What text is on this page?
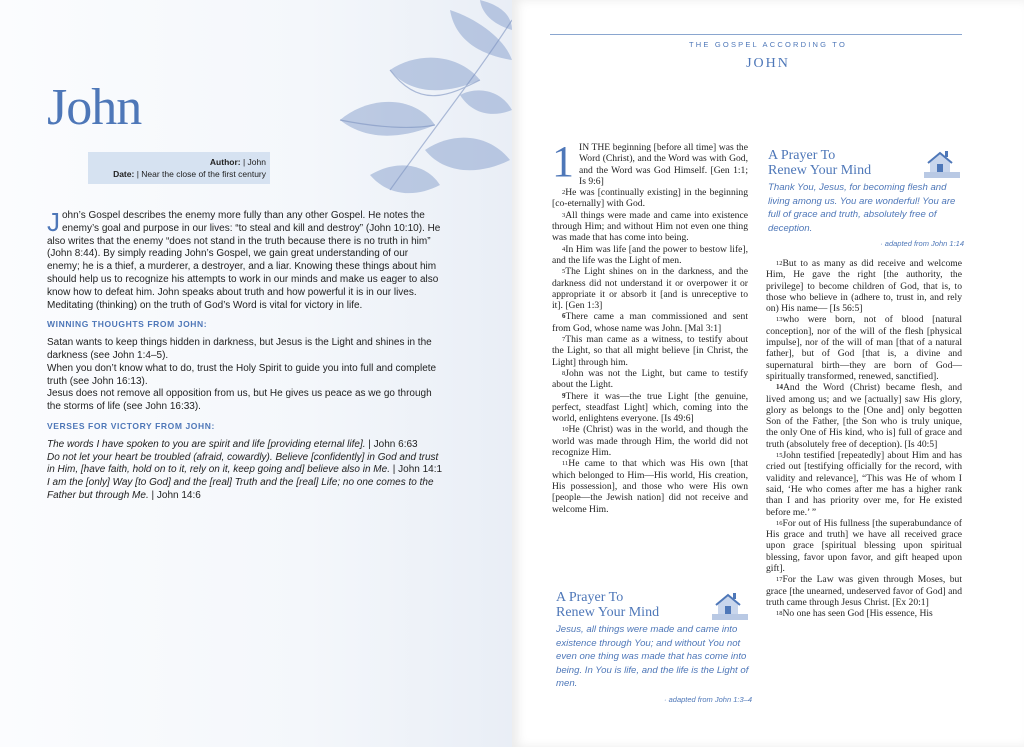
John
Author: | John
Date: | Near the close of the first century

John’s Gospel describes the enemy more fully than any other Gospel. He notes the enemy’s goal and purpose in our lives: “to steal and kill and destroy” (John 10:10). He also writes that the enemy “does not stand in the truth because there is no truth in him” (John 8:44). By simply reading John’s Gospel, we gain great understanding of our enemy; he is a thief, a murderer, a destroyer, and a liar. Knowing these things about him should help us to recognize his attempts to work in our minds and make us eager to also know how to defeat him. John speaks about truth and how powerful it is in our lives. Meditating (thinking) on the truth of God’s Word is vital for victory in life.

WINNING THOUGHTS FROM JOHN:

Satan wants to keep things hidden in darkness, but Jesus is the Light and shines in the darkness (see John 1:4–5).

When you don’t know what to do, trust the Holy Spirit to guide you into full and complete truth (see John 16:13).

Jesus does not remove all opposition from us, but He gives us peace as we go through the storms of life (see John 16:33).

VERSES FOR VICTORY FROM JOHN:

The words I have spoken to you are spirit and life [providing eternal life]. | John 6:63

Do not let your heart be troubled (afraid, cowardly). Believe [confidently] in God and trust in Him, [have faith, hold on to it, rely on it, keep going and] believe also in Me. | John 14:1

I am the [only] Way [to God] and the [real] Truth and the [real] Life; no one comes to the Father but through Me. | John 14:6

THE GOSPEL ACCORDING TO
JOHN

1 IN THE beginning [before all time] was the Word (Christ), and the Word was with God, and the Word was God Himself. [Gen 1:1; Is 9:6]

$^2$He was [continually existing] in the beginning [co-eternally] with God.

$^3$All things were made and came into existence through Him; and without Him not even one thing was made that has come into being.

$^4$In Him was life [and the power to bestow life], and the life was the Light of men.

$^5$The Light shines on in the darkness, and the darkness did not understand it or overpower it or appropriate it or absorb it [and is unreceptive to it]. [Gen 1:3]

$^6$There came a man commissioned and sent from God, whose name was John. [Mal 3:1]

$^7$This man came as a witness, to testify about the Light, so that all might believe [in Christ, the Light] through him.

$^8$John was not the Light, but came to testify about the Light.

$^9$There it was—the true Light [the genuine, perfect, steadfast Light] which, coming into the world, enlightens everyone. [Is 49:6]

$^{10}$He (Christ) was in the world, and though the world was made through Him, the world did not recognize Him.

$^{11}$He came to that which was His own [that which belonged to Him—His world, His creation, His possession], and those who were His own [people—the Jewish nation] did not receive and welcome Him.

A Prayer To
Renew Your Mind
Jesus, all things were made and came into existence through You; and without You not even one thing was made that has come into being. In You is life, and the life is the Light of men.
· adapted from John 1:3–4
A Prayer To
Renew Your Mind
Thank You, Jesus, for becoming flesh and living among us. You are wonderful! You are full of grace and truth, absolutely free of deception.
· adapted from John 1:14

$^{12}$But to as many as did receive and welcome Him, He gave the right [the authority, the privilege] to become children of God, that is, to those who believe in (adhere to, trust in, and rely on) His name— [Is 56:5]

$^{13}$who were born, not of blood [natural conception], nor of the will of the flesh [physical impulse], nor of the will of man [that of a natural father], but of God [that is, a divine and supernatural birth—they are born of God—spiritually transformed, renewed, sanctified].

$^{14}$And the Word (Christ) became flesh, and lived among us; and we [actually] saw His glory, glory as belongs to the [One and] only begotten Son of the Father, [the Son who is truly unique, the only One of His kind, who is] full of grace and truth (absolutely free of deception). [Is 40:5]

$^{15}$John testified [repeatedly] about Him and has cried out [testifying officially for the record, with validity and relevance], “This was He of whom I said, ‘He who comes after me has a higher rank than I and has priority over me, for He existed before me.’ ”

$^{16}$For out of His fullness [the superabundance of His grace and truth] we have all received grace upon grace [spiritual blessing upon spiritual blessing, favor upon favor, and gift heaped upon gift].

$^{17}$For the Law was given through Moses, but grace [the unearned, undeserved favor of God] and truth came through Jesus Christ. [Ex 20:1]

$^{18}$No one has seen God [His essence, His
